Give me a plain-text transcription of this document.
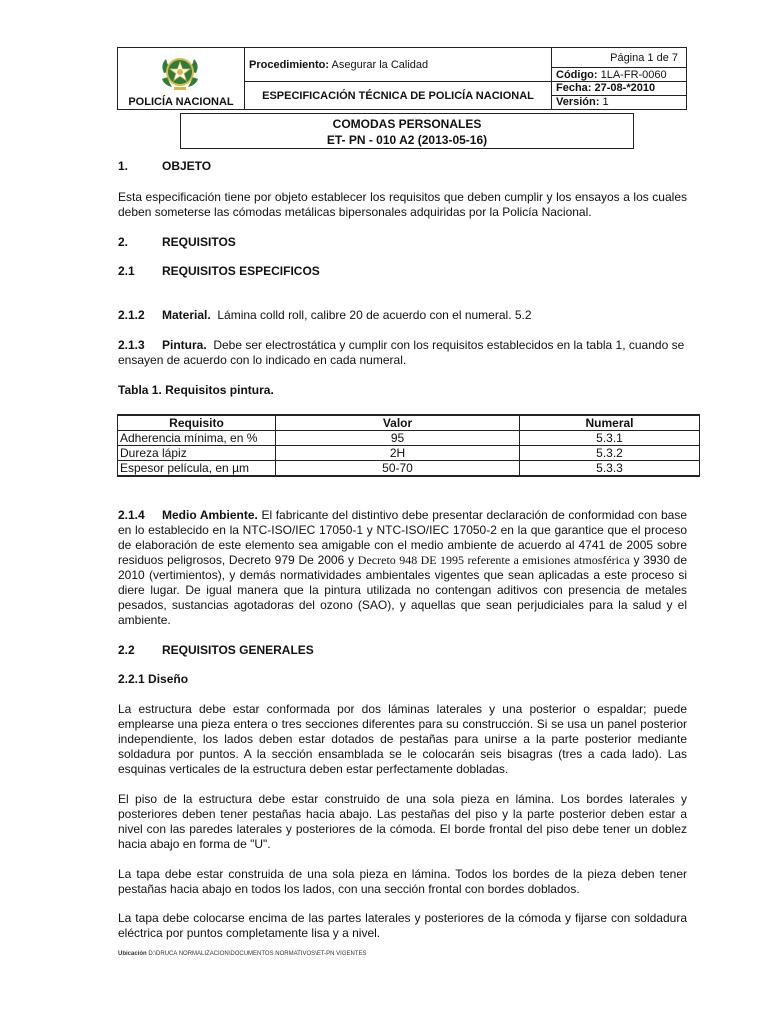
POLICÍA NACIONAL	Procedimiento: Asegurar la Calidad	Página 1 de 7
		Código: 1LA-FR-0060
	ESPECIFICACIÓN TÉCNICA DE POLICÍA NACIONAL	Fecha: 27-08-*2010
Versión: 1
COMODAS PERSONALES
ET- PN - 010 A2 (2013-05-16)
1.	OBJETO
Esta especificación tiene por objeto establecer los requisitos que deben cumplir y los ensayos a los cuales deben someterse las cómodas metálicas bipersonales adquiridas por la Policía Nacional.
2.	REQUISITOS
2.1 REQUISITOS ESPECIFICOS
2.1.2 Material. Lámina colld roll, calibre 20 de acuerdo con el numeral. 5.2
2.1.3 Pintura. Debe ser electrostática y cumplir con los requisitos establecidos en la tabla 1, cuando se ensayen de acuerdo con lo indicado en cada numeral.
Tabla 1. Requisitos pintura.
Requisito	Valor	Numeral
Adherencia mínima, en %	95	5.3.1
Dureza lápiz	2H	5.3.2
Espesor película, en µm	50-70	5.3.3
2.1.4 Medio Ambiente. El fabricante del distintivo debe presentar declaración de conformidad con base en lo establecido en la NTC-ISO/IEC 17050-1 y NTC-ISO/IEC 17050-2 en la que garantice que el proceso de elaboración de este elemento sea amigable con el medio ambiente de acuerdo al 4741 de 2005 sobre residuos peligrosos, Decreto 979 De 2006 y Decreto 948 DE 1995 referente a emisiones atmosférica y 3930 de 2010 (vertimientos), y demás normatividades ambientales vigentes que sean aplicadas a este proceso si diere lugar. De igual manera que la pintura utilizada no contengan aditivos con presencia de metales pesados, sustancias agotadoras del ozono (SAO), y aquellas que sean perjudiciales para la salud y el ambiente.
2.2 REQUISITOS GENERALES
2.2.1 Diseño
La estructura debe estar conformada por dos láminas laterales y una posterior o espaldar; puede emplearse una pieza entera o tres secciones diferentes para su construcción. Si se usa un panel posterior independiente, los lados deben estar dotados de pestañas para unirse a la parte posterior mediante soldadura por puntos. A la sección ensamblada se le colocarán seis bisagras (tres a cada lado). Las esquinas verticales de la estructura deben estar perfectamente dobladas.
El piso de la estructura debe estar construido de una sola pieza en lámina. Los bordes laterales y posteriores deben tener pestañas hacia abajo. Las pestañas del piso y la parte posterior deben estar a nivel con las paredes laterales y posteriores de la cómoda. El borde frontal del piso debe tener un doblez hacia abajo en forma de "U".
La tapa debe estar construida de una sola pieza en lámina. Todos los bordes de la pieza deben tener pestañas hacia abajo en todos los lados, con una sección frontal con bordes doblados.
La tapa debe colocarse encima de las partes laterales y posteriores de la cómoda y fijarse con soldadura eléctrica por puntos completamente lisa y a nivel.
Ubicación D:\DRUCA NORMALIZACION\DOCUMENTOS NORMATIVOS\ET-PN VIGENTES
